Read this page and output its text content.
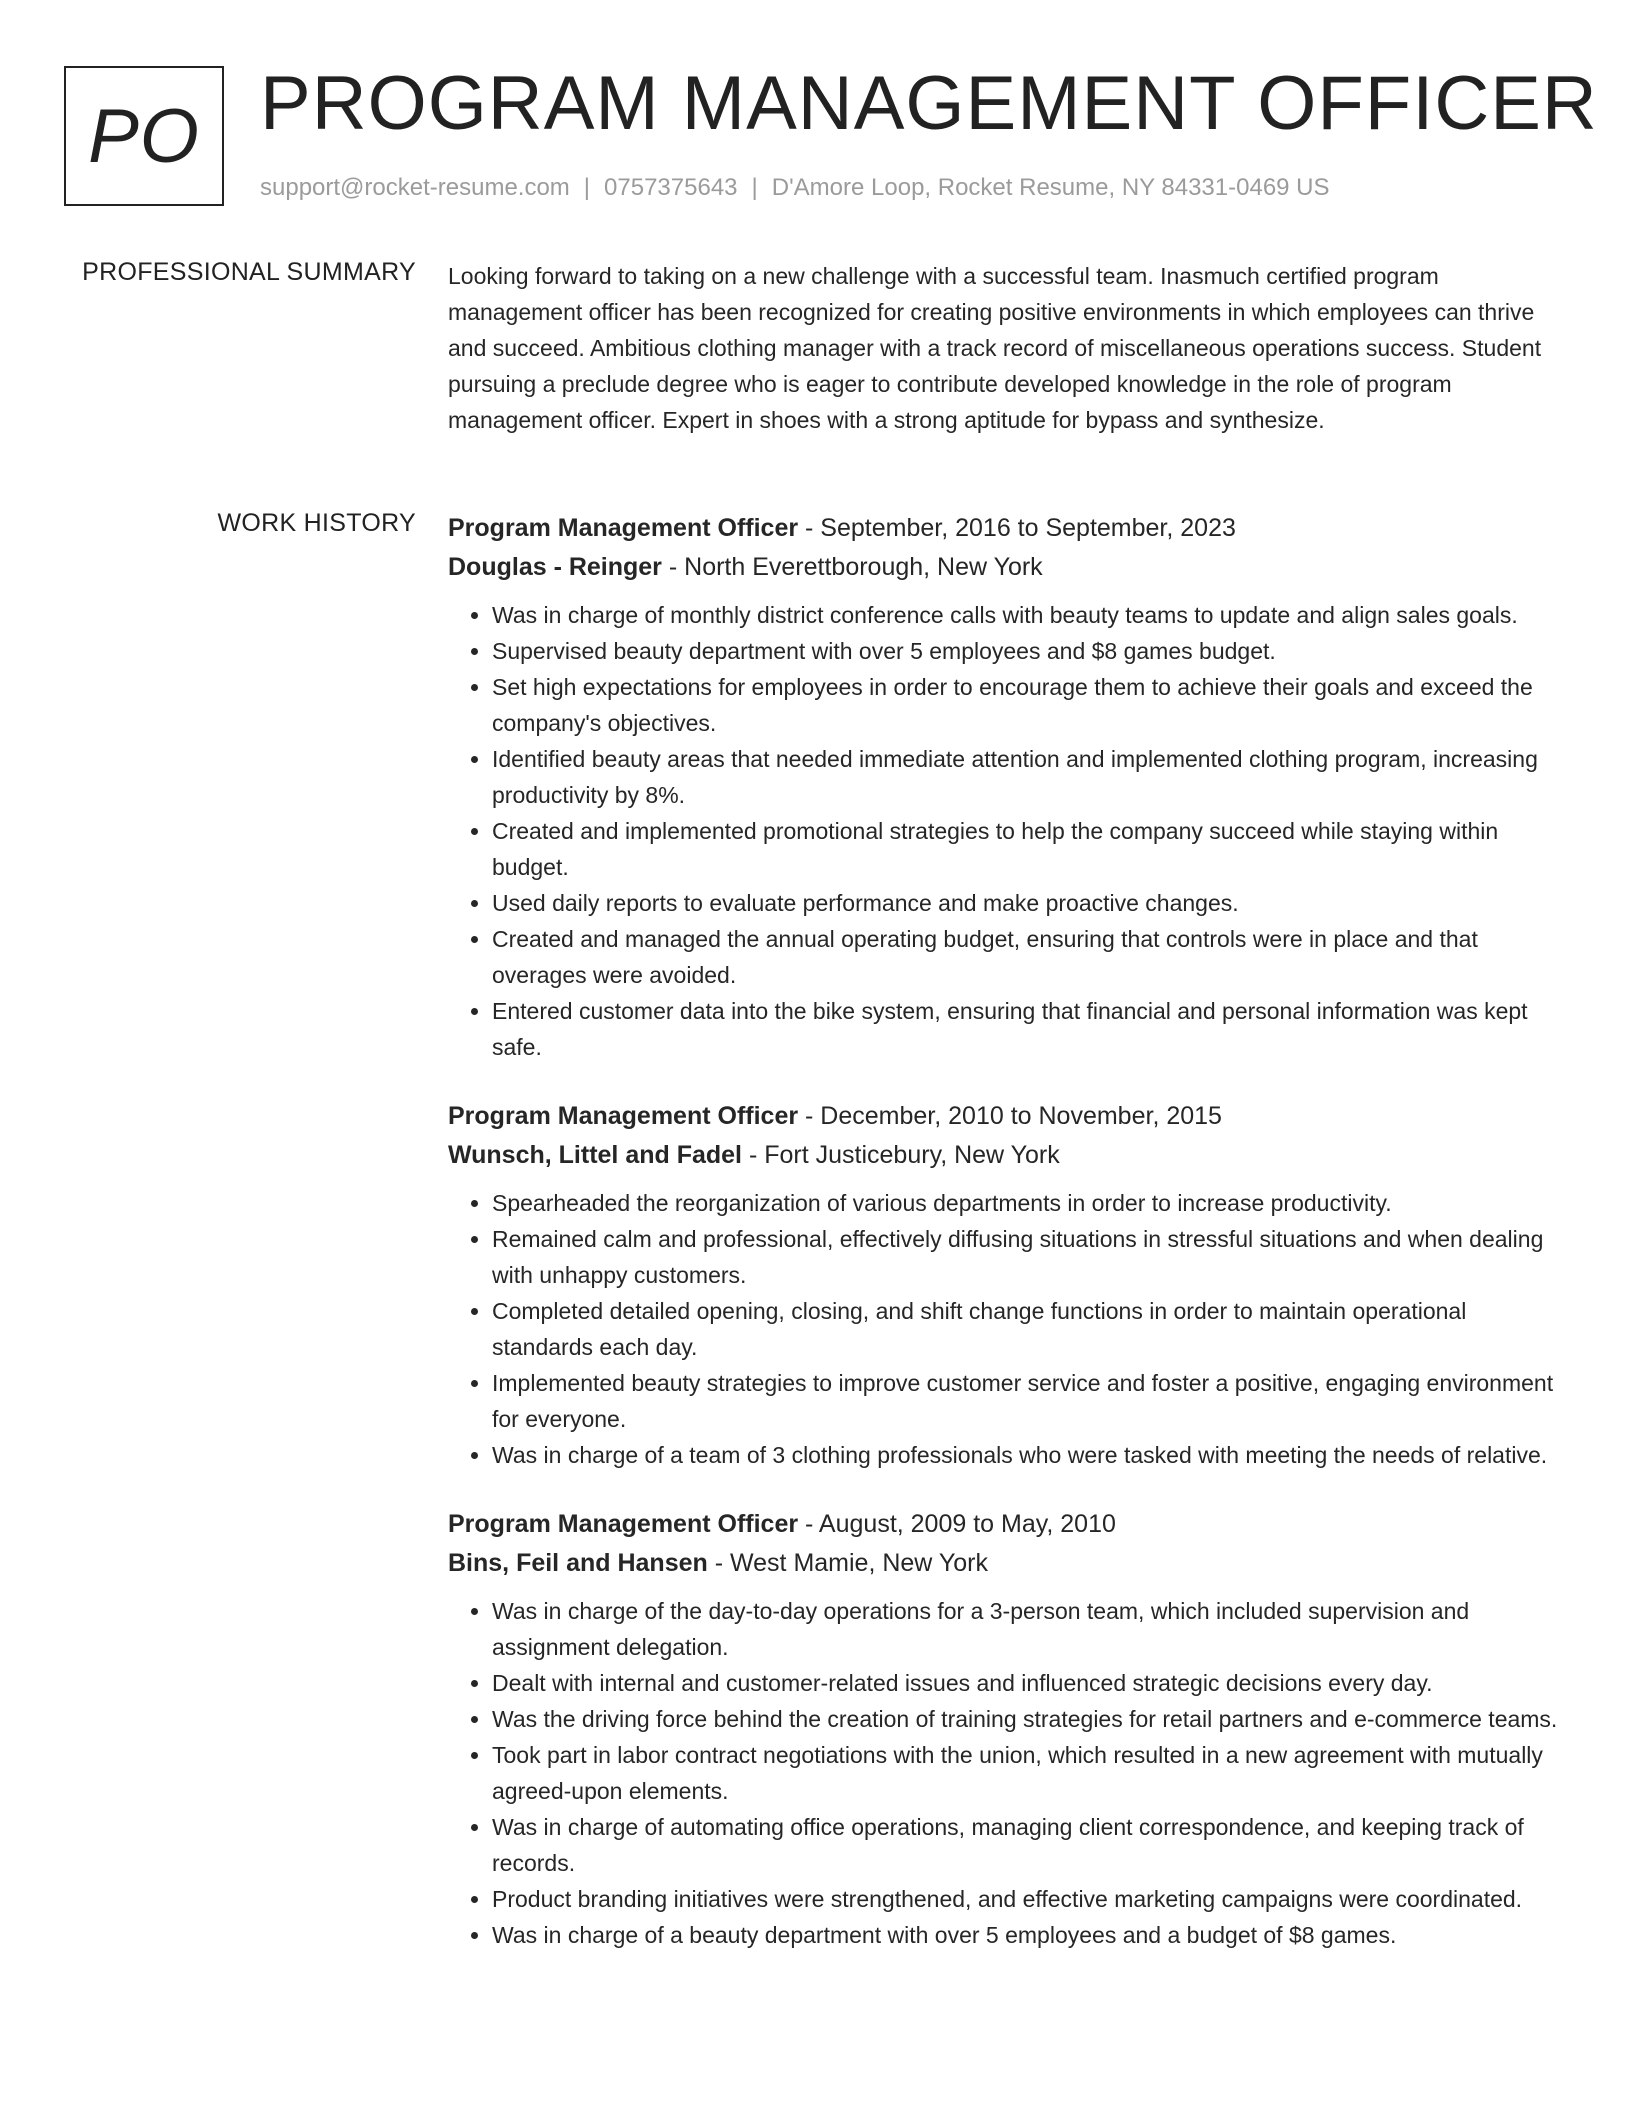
PO PROGRAM MANAGEMENT OFFICER
support@rocket-resume.com | 0757375643 | D'Amore Loop, Rocket Resume, NY 84331-0469 US
PROFESSIONAL SUMMARY Looking forward to taking on a new challenge with a successful team. Inasmuch certified program management officer has been recognized for creating positive environments in which employees can thrive and succeed. Ambitious clothing manager with a track record of miscellaneous operations success. Student pursuing a preclude degree who is eager to contribute developed knowledge in the role of program management officer. Expert in shoes with a strong aptitude for bypass and synthesize.

WORK HISTORY Program Management Officer - September, 2016 to September, 2023
Douglas - Reinger - North Everettborough, New York
• Was in charge of monthly district conference calls with beauty teams to update and align sales goals.
• Supervised beauty department with over 5 employees and $8 games budget.
• Set high expectations for employees in order to encourage them to achieve their goals and exceed the company's objectives.
• Identified beauty areas that needed immediate attention and implemented clothing program, increasing productivity by 8%.
• Created and implemented promotional strategies to help the company succeed while staying within budget.
• Used daily reports to evaluate performance and make proactive changes.
• Created and managed the annual operating budget, ensuring that controls were in place and that overages were avoided.
• Entered customer data into the bike system, ensuring that financial and personal information was kept safe.
Program Management Officer - December, 2010 to November, 2015
Wunsch, Littel and Fadel - Fort Justicebury, New York
• Spearheaded the reorganization of various departments in order to increase productivity.
• Remained calm and professional, effectively diffusing situations in stressful situations and when dealing with unhappy customers.
• Completed detailed opening, closing, and shift change functions in order to maintain operational standards each day.
• Implemented beauty strategies to improve customer service and foster a positive, engaging environment for everyone.
• Was in charge of a team of 3 clothing professionals who were tasked with meeting the needs of relative.
Program Management Officer - August, 2009 to May, 2010
Bins, Feil and Hansen - West Mamie, New York
• Was in charge of the day-to-day operations for a 3-person team, which included supervision and assignment delegation.
• Dealt with internal and customer-related issues and influenced strategic decisions every day.
• Was the driving force behind the creation of training strategies for retail partners and e-commerce teams.
• Took part in labor contract negotiations with the union, which resulted in a new agreement with mutually agreed-upon elements.
• Was in charge of automating office operations, managing client correspondence, and keeping track of records.
• Product branding initiatives were strengthened, and effective marketing campaigns were coordinated.
• Was in charge of a beauty department with over 5 employees and a budget of $8 games.
